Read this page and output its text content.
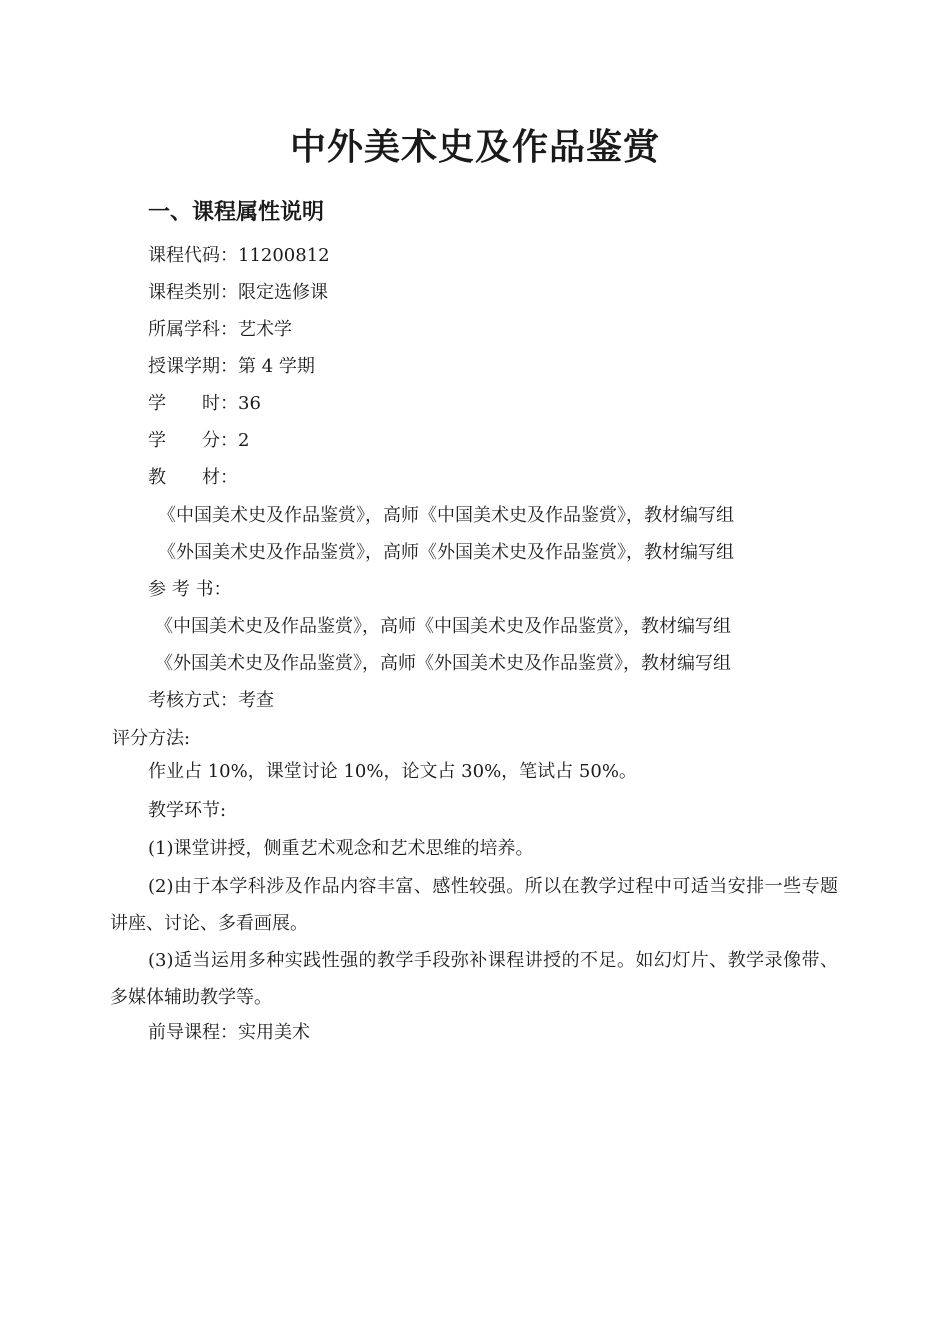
中外美术史及作品鉴赏
一、课程属性说明
课程代码：11200812
课程类别：限定选修课
所属学科：艺术学
授课学期：第 4 学期
学　　时：36
学　　分：2
教　　材：
《中国美术史及作品鉴赏》，高师《中国美术史及作品鉴赏》，教材编写组
《外国美术史及作品鉴赏》，高师《外国美术史及作品鉴赏》，教材编写组
参 考 书：
《中国美术史及作品鉴赏》，高师《中国美术史及作品鉴赏》，教材编写组
《外国美术史及作品鉴赏》，高师《外国美术史及作品鉴赏》，教材编写组
考核方式：考查
评分方法:
作业占 10%，课堂讨论 10%，论文占 30%，笔试占 50%。
教学环节:
(1)课堂讲授，侧重艺术观念和艺术思维的培养。
(2)由于本学科涉及作品内容丰富、感性较强。所以在教学过程中可适当安排一些专题讲座、讨论、多看画展。
(3)适当运用多种实践性强的教学手段弥补课程讲授的不足。如幻灯片、教学录像带、多媒体辅助教学等。
前导课程：实用美术
